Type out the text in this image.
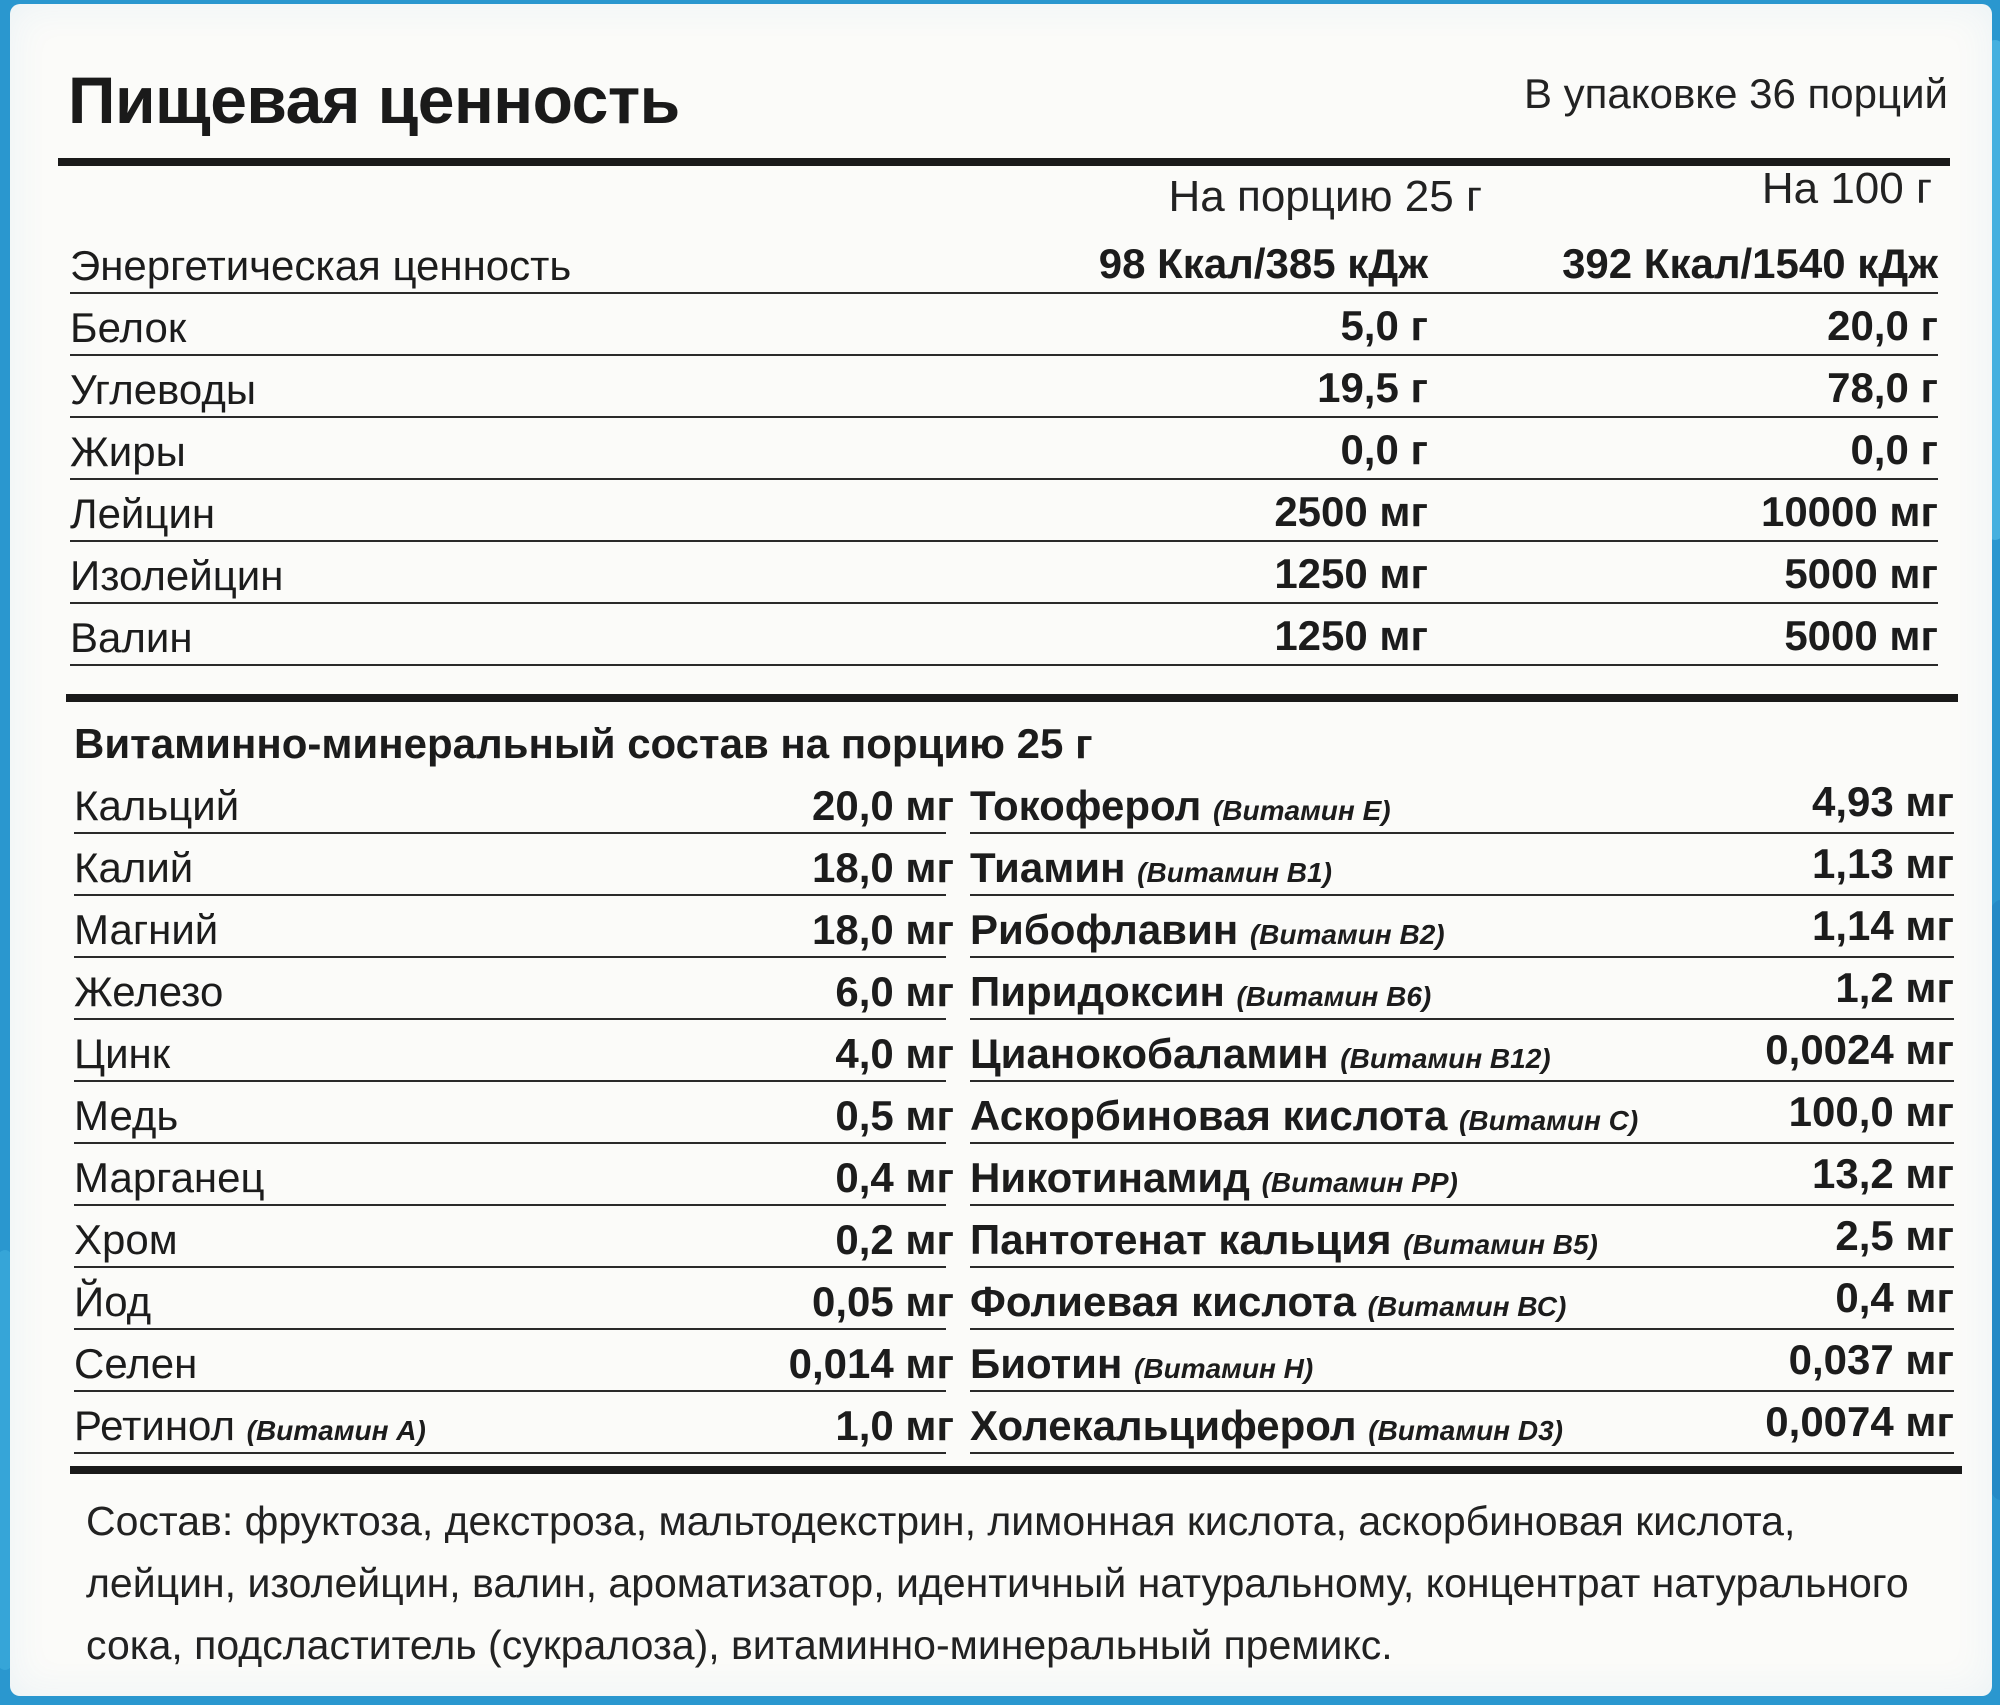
Пищевая ценность	В упаковке 36 порций
На порцию 25 г	На 100 г
Энергетическая ценность	98 Ккал/385 кДж	392 Ккал/1540 кДж
Белок	5,0 г	20,0 г
Углеводы	19,5 г	78,0 г
Жиры	0,0 г	0,0 г
Лейцин	2500 мг	10000 мг
Изолейцин	1250 мг	5000 мг
Валин	1250 мг	5000 мг
Витаминно-минеральный состав на порцию 25 г
Кальций	20,0 мг Токоферол (Витамин Е)	4,93 мг
Калий	18,0 мг Тиамин (Витамин В1)	1,13 мг
Магний	18,0 мг Рибофлавин (Витамин В2)	1,14 мг
Железо	6,0 мг Пиридоксин (Витамин В6)	1,2 мг
Цинк	4,0 мг Цианокобаламин (Витамин В12)	0,0024 мг
Медь	0,5 мг Аскорбиновая кислота (Витамин С)	100,0 мг
Марганец	0,4 мг Никотинамид (Витамин РР)	13,2 мг
Хром	0,2 мг Пантотенат кальция (Витамин В5)	2,5 мг
Йод	0,05 мг Фолиевая кислота (Витамин ВС)	0,4 мг
Селен	0,014 мг Биотин (Витамин Н)	0,037 мг
Ретинол (Витамин А)	1,0 мг Холекальциферол (Витамин D3)	0,0074 мг
Состав: фруктоза, декстроза, мальтодекстрин, лимонная кислота, аскорбиновая кислота,
лейцин, изолейцин, валин, ароматизатор, идентичный натуральному, концентрат натурального
сока, подсластитель (сукралоза), витаминно-минеральный премикс.
